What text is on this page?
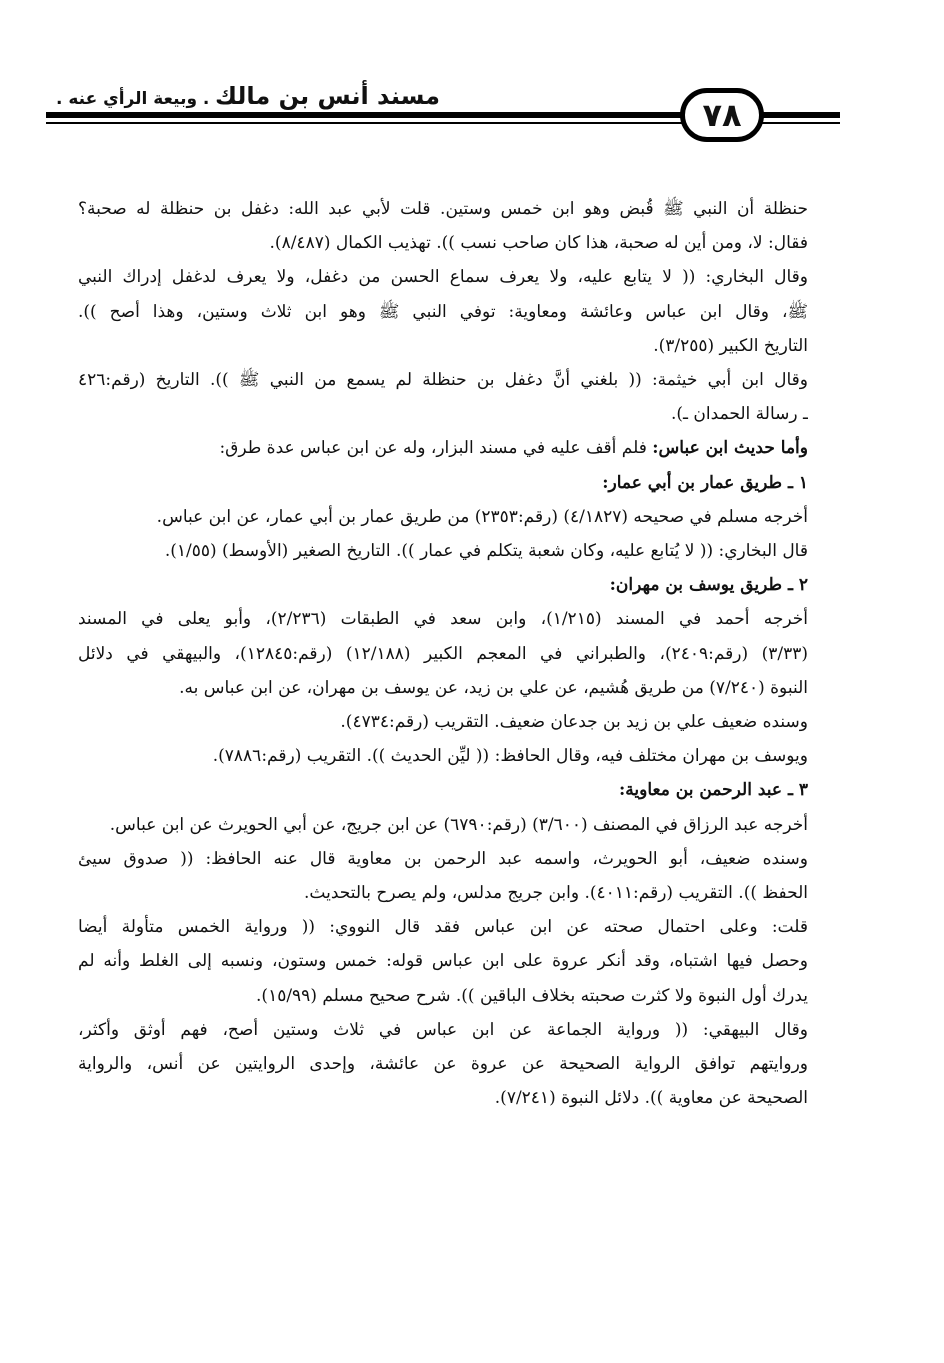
مسند أنس بن مالك . وبيعة الرأي عنه .	٧٨
حنظلة أن النبي ﷺ قُبض وهو ابن خمس وستين. قلت لأبي عبد الله: دغفل بن حنظلة له صحبة؟
فقال: لا، ومن أين له صحبة، هذا كان صاحب نسب )). تهذيب الكمال (٨/٤٨٧).
وقال البخاري: (( لا يتابع عليه، ولا يعرف سماع الحسن من دغفل، ولا يعرف لدغفل إدراك النبي
ﷺ، وقال ابن عباس وعائشة ومعاوية: توفي النبي ﷺ وهو ابن ثلاث وستين، وهذا أصح )).
التاريخ الكبير (٣/٢٥٥).
وقال ابن أبي خيثمة: (( بلغني أنَّ دغفل بن حنظلة لم يسمع من النبي ﷺ )). التاريخ (رقم:٤٢٦
ـ رسالة الحمدان ـ).
وأما حديث ابن عباس: فلم أقف عليه في مسند البزار، وله عن ابن عباس عدة طرق:
١ ـ طريق عمار بن أبي عمار:
أخرجه مسلم في صحيحه (٤/١٨٢٧) (رقم:٢٣٥٣) من طريق عمار بن أبي عمار، عن ابن عباس.
قال البخاري: (( لا يُتابع عليه، وكان شعبة يتكلم في عمار )). التاريخ الصغير (الأوسط) (١/٥٥).
٢ ـ طريق يوسف بن مهران:
أخرجه أحمد في المسند (١/٢١٥)، وابن سعد في الطبقات (٢/٢٣٦)، وأبو يعلى في المسند
(٣/٣٣) (رقم:٢٤٠٩)، والطبراني في المعجم الكبير (١٢/١٨٨) (رقم:١٢٨٤٥)، والبيهقي في دلائل
النبوة (٧/٢٤٠) من طريق هُشيم، عن علي بن زيد، عن يوسف بن مهران، عن ابن عباس به.
وسنده ضعيف علي بن زيد بن جدعان ضعيف. التقريب (رقم:٤٧٣٤).
ويوسف بن مهران مختلف فيه، وقال الحافظ: (( ليِّن الحديث )). التقريب (رقم:٧٨٨٦).
٣ ـ عبد الرحمن بن معاوية:
أخرجه عبد الرزاق في المصنف (٣/٦٠٠) (رقم:٦٧٩٠) عن ابن جريج، عن أبي الحويرث عن ابن عباس.
وسنده ضعيف، أبو الحويرث، واسمه عبد الرحمن بن معاوية قال عنه الحافظ: (( صدوق سيئ
الحفظ )). التقريب (رقم:٤٠١١). وابن جريج مدلس، ولم يصرح بالتحديث.
قلت: وعلى احتمال صحته عن ابن عباس فقد قال النووي: (( ورواية الخمس متأولة أيضا
وحصل فيها اشتباه، وقد أنكر عروة على ابن عباس قوله: خمس وستون، ونسبه إلى الغلط وأنه لم
يدرك أول النبوة ولا كثرت صحبته بخلاف الباقين )). شرح صحيح مسلم (١٥/٩٩).
وقال البيهقي: (( ورواية الجماعة عن ابن عباس في ثلاث وستين أصح، فهم أوثق وأكثر،
وروايتهم توافق الرواية الصحيحة عن عروة عن عائشة، وإحدى الروايتين عن أنس، والرواية
الصحيحة عن معاوية )). دلائل النبوة (٧/٢٤١).
